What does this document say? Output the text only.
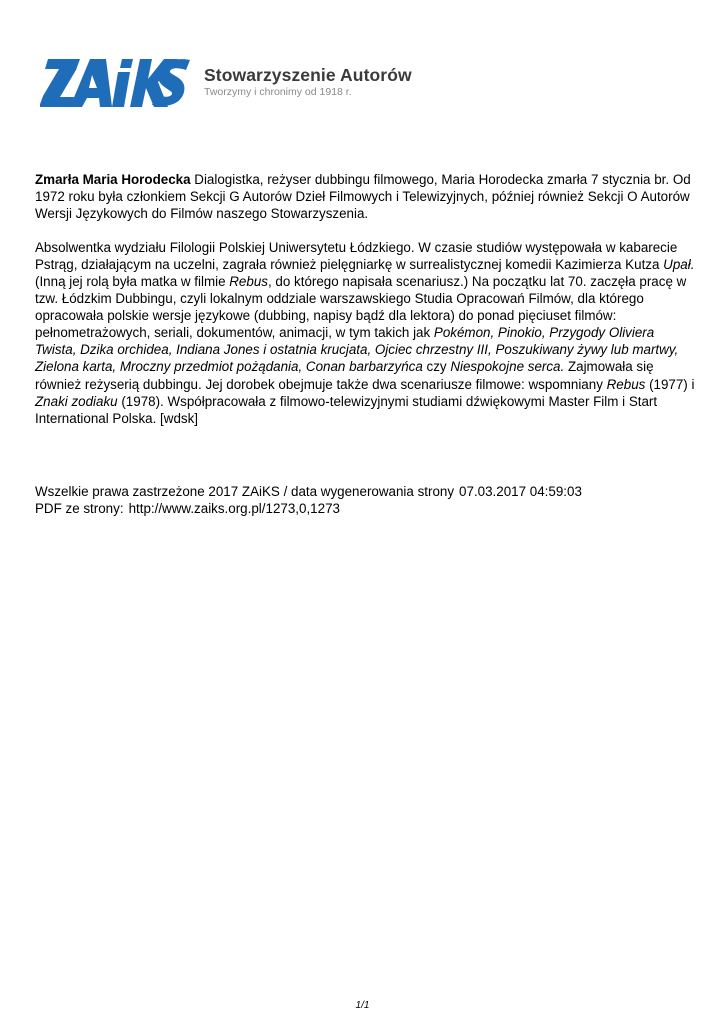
Stowarzyszenie Autorów
Tworzymy i chronimy od 1918 r.

Zmarła Maria Horodecka Dialogistka, reżyser dubbingu filmowego, Maria Horodecka zmarła 7 stycznia br. Od 1972 roku była członkiem Sekcji G Autorów Dzieł Filmowych i Telewizyjnych, później również Sekcji O Autorów Wersji Językowych do Filmów naszego Stowarzyszenia.

Absolwentka wydziału Filologii Polskiej Uniwersytetu Łódzkiego. W czasie studiów występowała w kabarecie Pstrąg, działającym na uczelni, zagrała również pielęgniarkę w surrealistycznej komedii Kazimierza Kutza Upał. (Inną jej rolą była matka w filmie Rebus, do którego napisała scenariusz.) Na początku lat 70. zaczęła pracę w tzw. Łódzkim Dubbingu, czyli lokalnym oddziale warszawskiego Studia Opracowań Filmów, dla którego opracowała polskie wersje językowe (dubbing, napisy bądź dla lektora) do ponad pięciuset filmów: pełnometrażowych, seriali, dokumentów, animacji, w tym takich jak Pokémon, Pinokio, Przygody Oliviera Twista, Dzika orchidea, Indiana Jones i ostatnia krucjata, Ojciec chrzestny III, Poszukiwany żywy lub martwy, Zielona karta, Mroczny przedmiot pożądania, Conan barbarzyńca czy Niespokojne serca. Zajmowała się również reżyserią dubbingu. Jej dorobek obejmuje także dwa scenariusze filmowe: wspomniany Rebus (1977) i Znaki zodiaku (1978). Współpracowała z filmowo-telewizyjnymi studiami dźwiękowymi Master Film i Start International Polska. [wdsk]

Wszelkie prawa zastrzeżone 2017 ZAiKS / data wygenerowania strony 07.03.2017 04:59:03
PDF ze strony: http://www.zaiks.org.pl/1273,0,1273
1/1
